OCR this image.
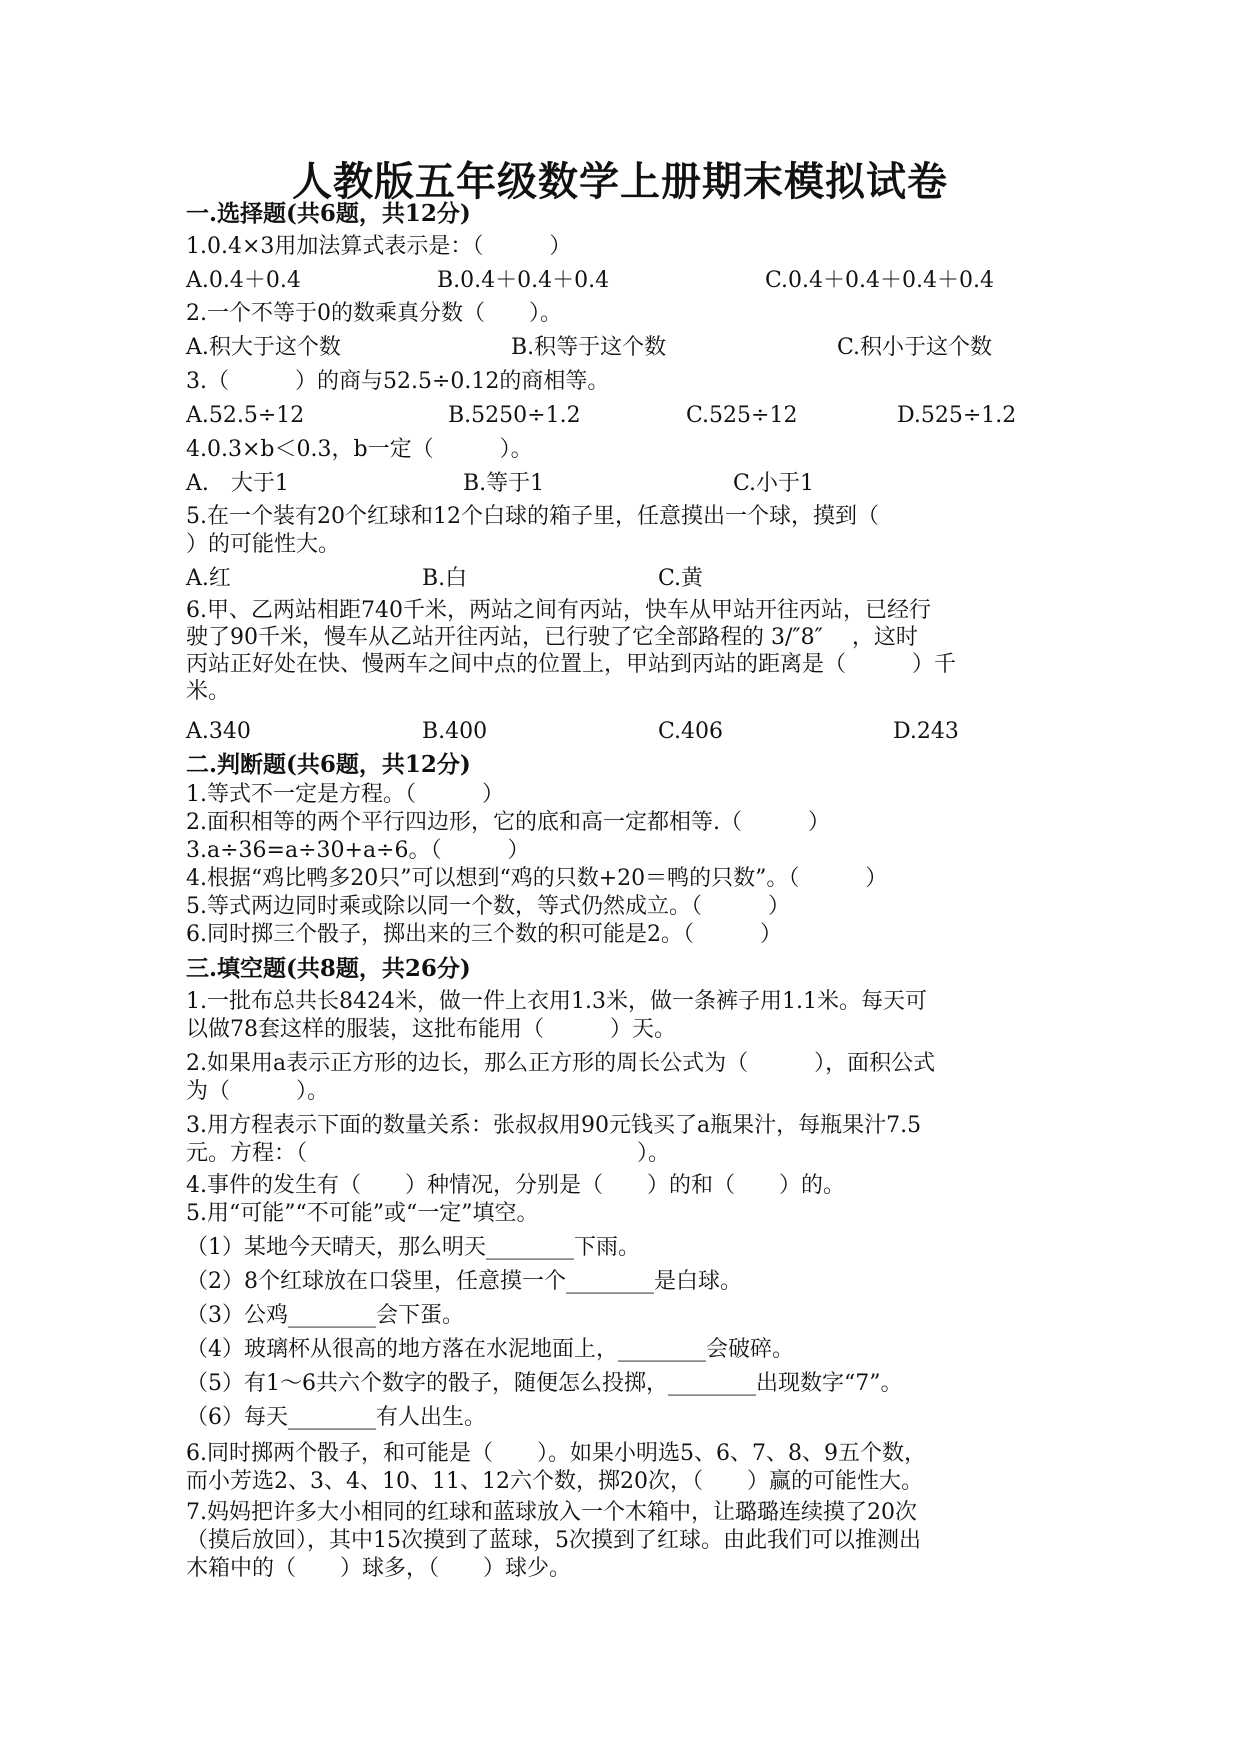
人教版五年级数学上册期末模拟试卷
一.选择题(共6题，共12分)
1.0.4×3用加法算式表示是：（　　　）
A.0.4＋0.4	B.0.4＋0.4＋0.4	C.0.4＋0.4＋0.4＋0.4
2.一个不等于0的数乘真分数（　　）。
A.积大于这个数	B.积等于这个数	C.积小于这个数
3.（　　　）的商与52.5÷0.12的商相等。
A.52.5÷12	B.5250÷1.2	C.525÷12	D.525÷1.2
4.0.3×b＜0.3，b一定（　　　）。
A.　大于1	B.等于1	C.小于1
5.在一个装有20个红球和12个白球的箱子里，任意摸出一个球，摸到（
）的可能性大。
A.红	B.白	C.黄
6.甲、乙两站相距740千米，两站之间有丙站，快车从甲站开往丙站，已经行
驶了90千米，慢车从乙站开往丙站，已行驶了它全部路程的 3/″8″　 ，这时
丙站正好处在快、慢两车之间中点的位置上，甲站到丙站的距离是（　　　）千
米。
A.340	B.400	C.406	D.243
二.判断题(共6题，共12分)
1.等式不一定是方程。（　　　）
2.面积相等的两个平行四边形，它的底和高一定都相等.（　　　）
3.a÷36=a÷30+a÷6。（　　　）
4.根据“鸡比鸭多20只”可以想到“鸡的只数+20＝鸭的只数”。（　　　）
5.等式两边同时乘或除以同一个数，等式仍然成立。（　　　）
6.同时掷三个骰子，掷出来的三个数的积可能是2。（　　　）
三.填空题(共8题，共26分)
1.一批布总共长8424米，做一件上衣用1.3米，做一条裤子用1.1米。每天可
以做78套这样的服装，这批布能用（　　　）天。
2.如果用a表示正方形的边长，那么正方形的周长公式为（　　　），面积公式
为（　　　）。
3.用方程表示下面的数量关系：张叔叔用90元钱买了a瓶果汁，每瓶果汁7.5
元。方程：（　　　　　　　　　　　　　　　）。
4.事件的发生有（　　）种情况，分别是（　　）的和（　　）的。
5.用“可能”“不可能”或“一定”填空。
（1）某地今天晴天，那么明天________下雨。
（2）8个红球放在口袋里，任意摸一个________是白球。
（3）公鸡________会下蛋。
（4）玻璃杯从很高的地方落在水泥地面上，________会破碎。
（5）有1～6共六个数字的骰子，随便怎么投掷，________出现数字“7”。
（6）每天________有人出生。
6.同时掷两个骰子，和可能是（　　）。如果小明选5、6、7、8、9五个数，
而小芳选2、3、4、10、11、12六个数，掷20次，（　　）赢的可能性大。
7.妈妈把许多大小相同的红球和蓝球放入一个木箱中，让璐璐连续摸了20次
（摸后放回），其中15次摸到了蓝球，5次摸到了红球。由此我们可以推测出
木箱中的（　　）球多，（　　）球少。
